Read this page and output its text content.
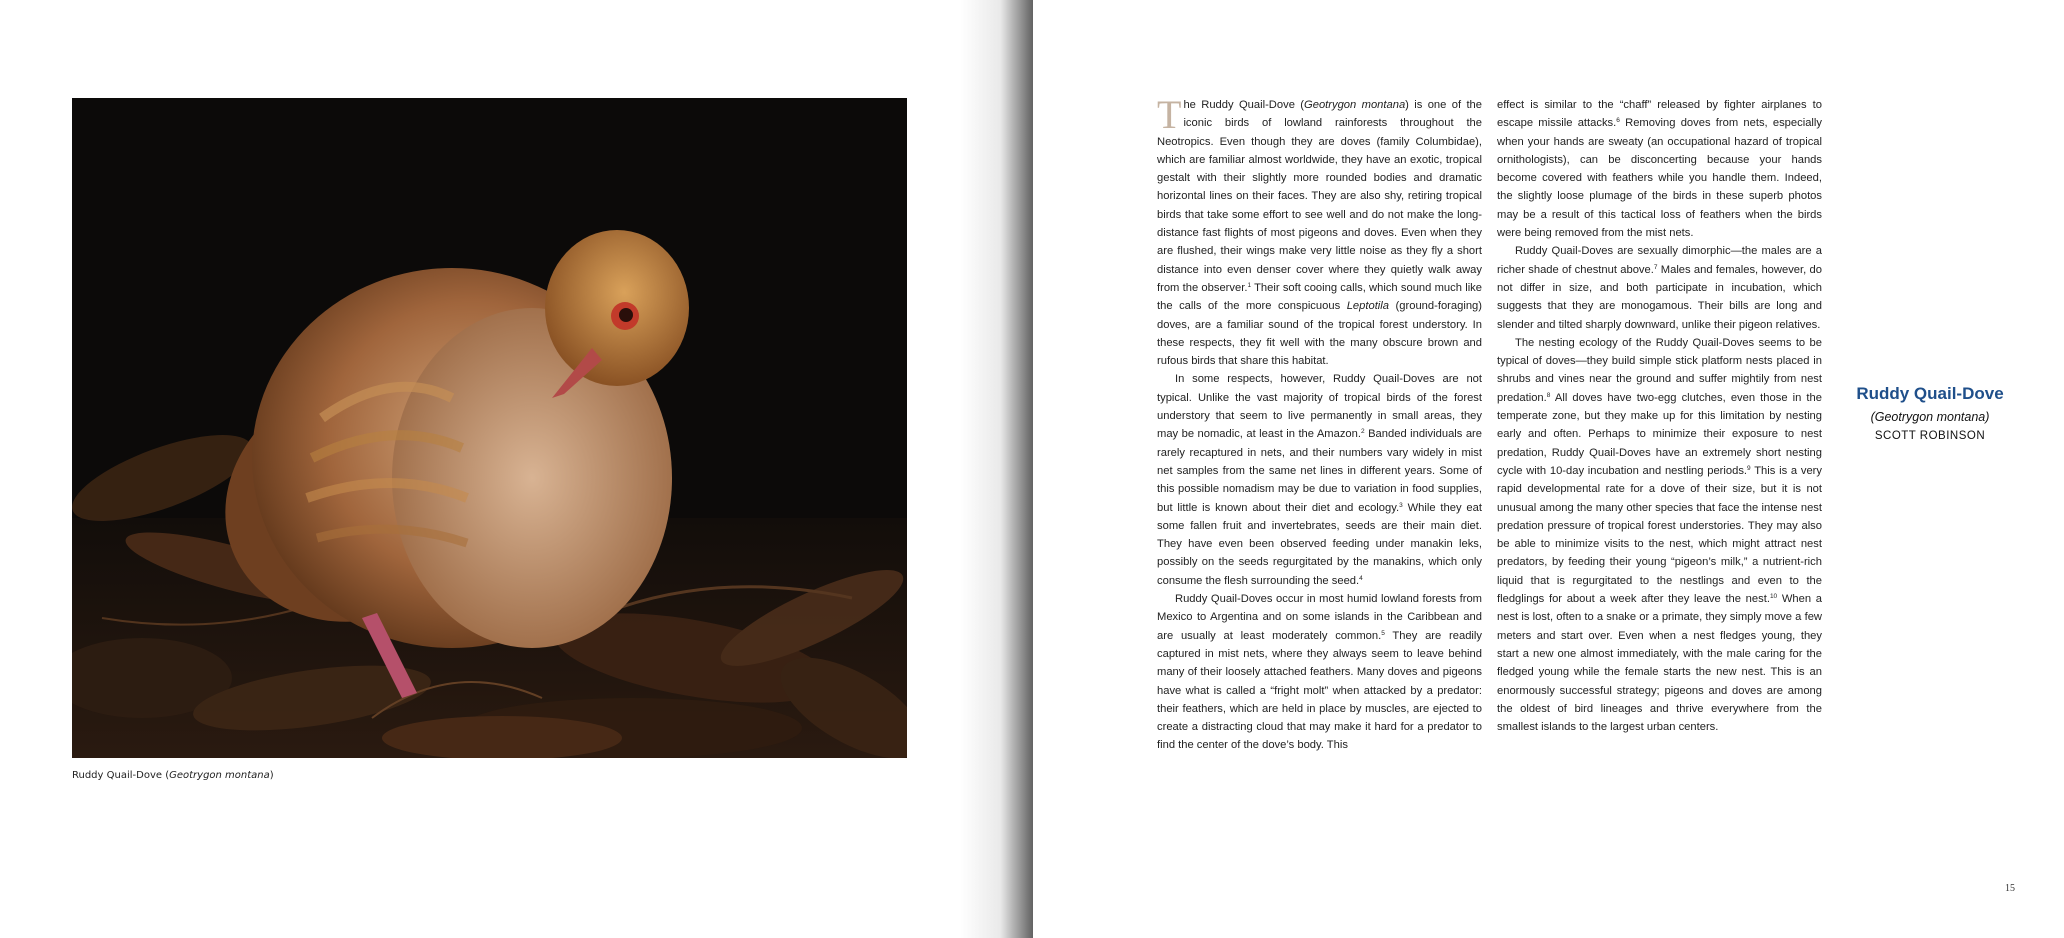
Ruddy Quail-Dove (Geotrygon montana)

The Ruddy Quail-Dove (Geotrygon montana) is one of the iconic birds of lowland rainforests throughout the Neotropics. Even though they are doves (family Columbidae), which are familiar almost worldwide, they have an exotic, tropical gestalt with their slightly more rounded bodies and dramatic horizontal lines on their faces. They are also shy, retiring tropical birds that take some effort to see well and do not make the long-distance fast flights of most pigeons and doves. Even when they are flushed, their wings make very little noise as they fly a short distance into even denser cover where they quietly walk away from the observer.$^1$ Their soft cooing calls, which sound much like the calls of the more conspicuous Leptotila (ground-foraging) doves, are a familiar sound of the tropical forest understory. In these respects, they fit well with the many obscure brown and rufous birds that share this habitat.

In some respects, however, Ruddy Quail-Doves are not typical. Unlike the vast majority of tropical birds of the forest understory that seem to live permanently in small areas, they may be nomadic, at least in the Amazon.$^2$ Banded individuals are rarely recaptured in nets, and their numbers vary widely in mist net samples from the same net lines in different years. Some of this possible nomadism may be due to variation in food supplies, but little is known about their diet and ecology.$^3$ While they eat some fallen fruit and invertebrates, seeds are their main diet. They have even been observed feeding under manakin leks, possibly on the seeds regurgitated by the manakins, which only consume the flesh surrounding the seed.$^4$

Ruddy Quail-Doves occur in most humid lowland forests from Mexico to Argentina and on some islands in the Caribbean and are usually at least moderately common.$^5$ They are readily captured in mist nets, where they always seem to leave behind many of their loosely attached feathers. Many doves and pigeons have what is called a “fright molt” when attacked by a predator: their feathers, which are held in place by muscles, are ejected to create a distracting cloud that may make it hard for a predator to find the center of the dove’s body. This

effect is similar to the “chaff” released by fighter airplanes to escape missile attacks.$^6$ Removing doves from nets, especially when your hands are sweaty (an occupational hazard of tropical ornithologists), can be disconcerting because your hands become covered with feathers while you handle them. Indeed, the slightly loose plumage of the birds in these superb photos may be a result of this tactical loss of feathers when the birds were being removed from the mist nets.

Ruddy Quail-Doves are sexually dimorphic—the males are a richer shade of chestnut above.$^7$ Males and females, however, do not differ in size, and both participate in incubation, which suggests that they are monogamous. Their bills are long and slender and tilted sharply downward, unlike their pigeon relatives.

The nesting ecology of the Ruddy Quail-Doves seems to be typical of doves—they build simple stick platform nests placed in shrubs and vines near the ground and suffer mightily from nest predation.$^8$ All doves have two-egg clutches, even those in the temperate zone, but they make up for this limitation by nesting early and often. Perhaps to minimize their exposure to nest predation, Ruddy Quail-Doves have an extremely short nesting cycle with 10-day incubation and nestling periods.$^9$ This is a very rapid developmental rate for a dove of their size, but it is not unusual among the many other species that face the intense nest predation pressure of tropical forest understories. They may also be able to minimize visits to the nest, which might attract nest predators, by feeding their young “pigeon’s milk,” a nutrient-rich liquid that is regurgitated to the nestlings and even to the fledglings for about a week after they leave the nest.$^{10}$ When a nest is lost, often to a snake or a primate, they simply move a few meters and start over. Even when a nest fledges young, they start a new one almost immediately, with the male caring for the fledged young while the female starts the new nest. This is an enormously successful strategy; pigeons and doves are among the oldest of bird lineages and thrive everywhere from the smallest islands to the largest urban centers.

Ruddy Quail-Dove
(Geotrygon montana)
SCOTT ROBINSON
15
